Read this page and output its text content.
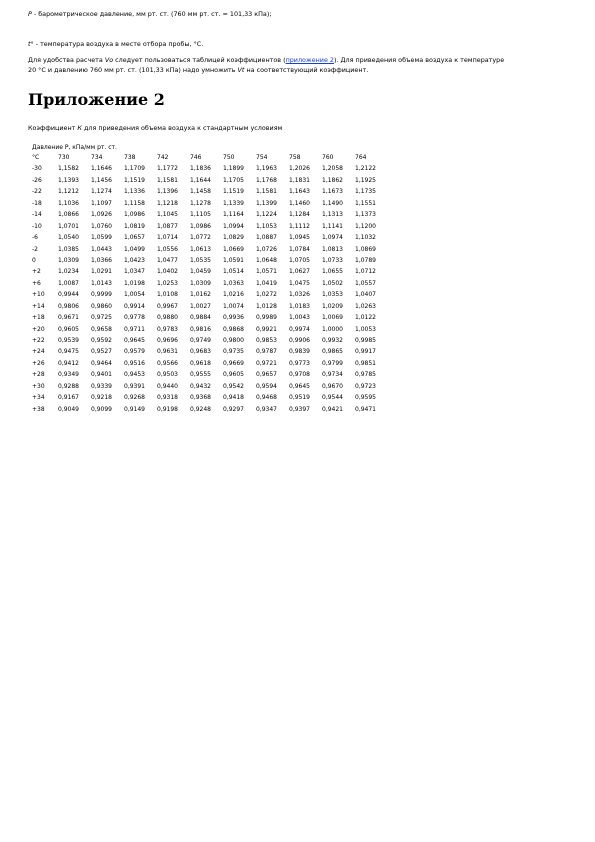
Р - барометрическое давление, мм рт. ст. (760 мм рт. ст. = 101,33 кПа);

t° - температура воздуха в месте отбора пробы, °С.

Для удобства расчета Vо следует пользоваться таблицей коэффициентов (приложение 2). Для приведения объема воздуха к температуре

20 °С и давлению 760 мм рт. ст. (101,33 кПа) надо умножить Vt на соответствующий коэффициент.

Приложение 2

Коэффициент К для приведения объема воздуха к стандартным условиям

Давление Р, кПа/мм рт. ст.
°С	730	734	738	742	746	750	754	758	760	764
-30	1,1582	1,1646	1,1709	1,1772	1,1836	1,1899	1,1963	1,2026	1,2058	1,2122
-26	1,1393	1,1456	1,1519	1,1581	1,1644	1,1705	1,1768	1,1831	1,1862	1,1925
-22	1,1212	1,1274	1,1336	1,1396	1,1458	1,1519	1,1581	1,1643	1,1673	1,1735
-18	1,1036	1,1097	1,1158	1,1218	1,1278	1,1339	1,1399	1,1460	1,1490	1,1551
-14	1,0866	1,0926	1,0986	1,1045	1,1105	1,1164	1,1224	1,1284	1,1313	1,1373
-10	1,0701	1,0760	1,0819	1,0877	1,0986	1,0994	1,1053	1,1112	1,1141	1,1200
-6	1,0540	1,0599	1,0657	1,0714	1,0772	1,0829	1,0887	1,0945	1,0974	1,1032
-2	1,0385	1,0443	1,0499	1,0556	1,0613	1,0669	1,0726	1,0784	1,0813	1,0869
0	1,0309	1,0366	1,0423	1,0477	1,0535	1,0591	1,0648	1,0705	1,0733	1,0789
+2	1,0234	1,0291	1,0347	1,0402	1,0459	1,0514	1,0571	1,0627	1,0655	1,0712
+6	1,0087	1,0143	1,0198	1,0253	1,0309	1,0363	1,0419	1,0475	1,0502	1,0557
+10	0,9944	0,9999	1,0054	1,0108	1,0162	1,0216	1,0272	1,0326	1,0353	1,0407
+14	0,9806	0,9860	0,9914	0,9967	1,0027	1,0074	1,0128	1,0183	1,0209	1,0263
+18	0,9671	0,9725	0,9778	0,9880	0,9884	0,9936	0,9989	1,0043	1,0069	1,0122
+20	0,9605	0,9658	0,9711	0,9783	0,9816	0,9868	0,9921	0,9974	1,0000	1,0053
+22	0,9539	0,9592	0,9645	0,9696	0,9749	0,9800	0,9853	0,9906	0,9932	0,9985
+24	0,9475	0,9527	0,9579	0,9631	0,9683	0,9735	0,9787	0,9839	0,9865	0,9917
+26	0,9412	0,9464	0,9516	0,9566	0,9618	0,9669	0,9721	0,9773	0,9799	0,9851
+28	0,9349	0,9401	0,9453	0,9503	0,9555	0,9605	0,9657	0,9708	0,9734	0,9785
+30	0,9288	0,9339	0,9391	0,9440	0,9432	0,9542	0,9594	0,9645	0,9670	0,9723
+34	0,9167	0,9218	0,9268	0,9318	0,9368	0,9418	0,9468	0,9519	0,9544	0,9595
+38	0,9049	0,9099	0,9149	0,9198	0,9248	0,9297	0,9347	0,9397	0,9421	0,9471
